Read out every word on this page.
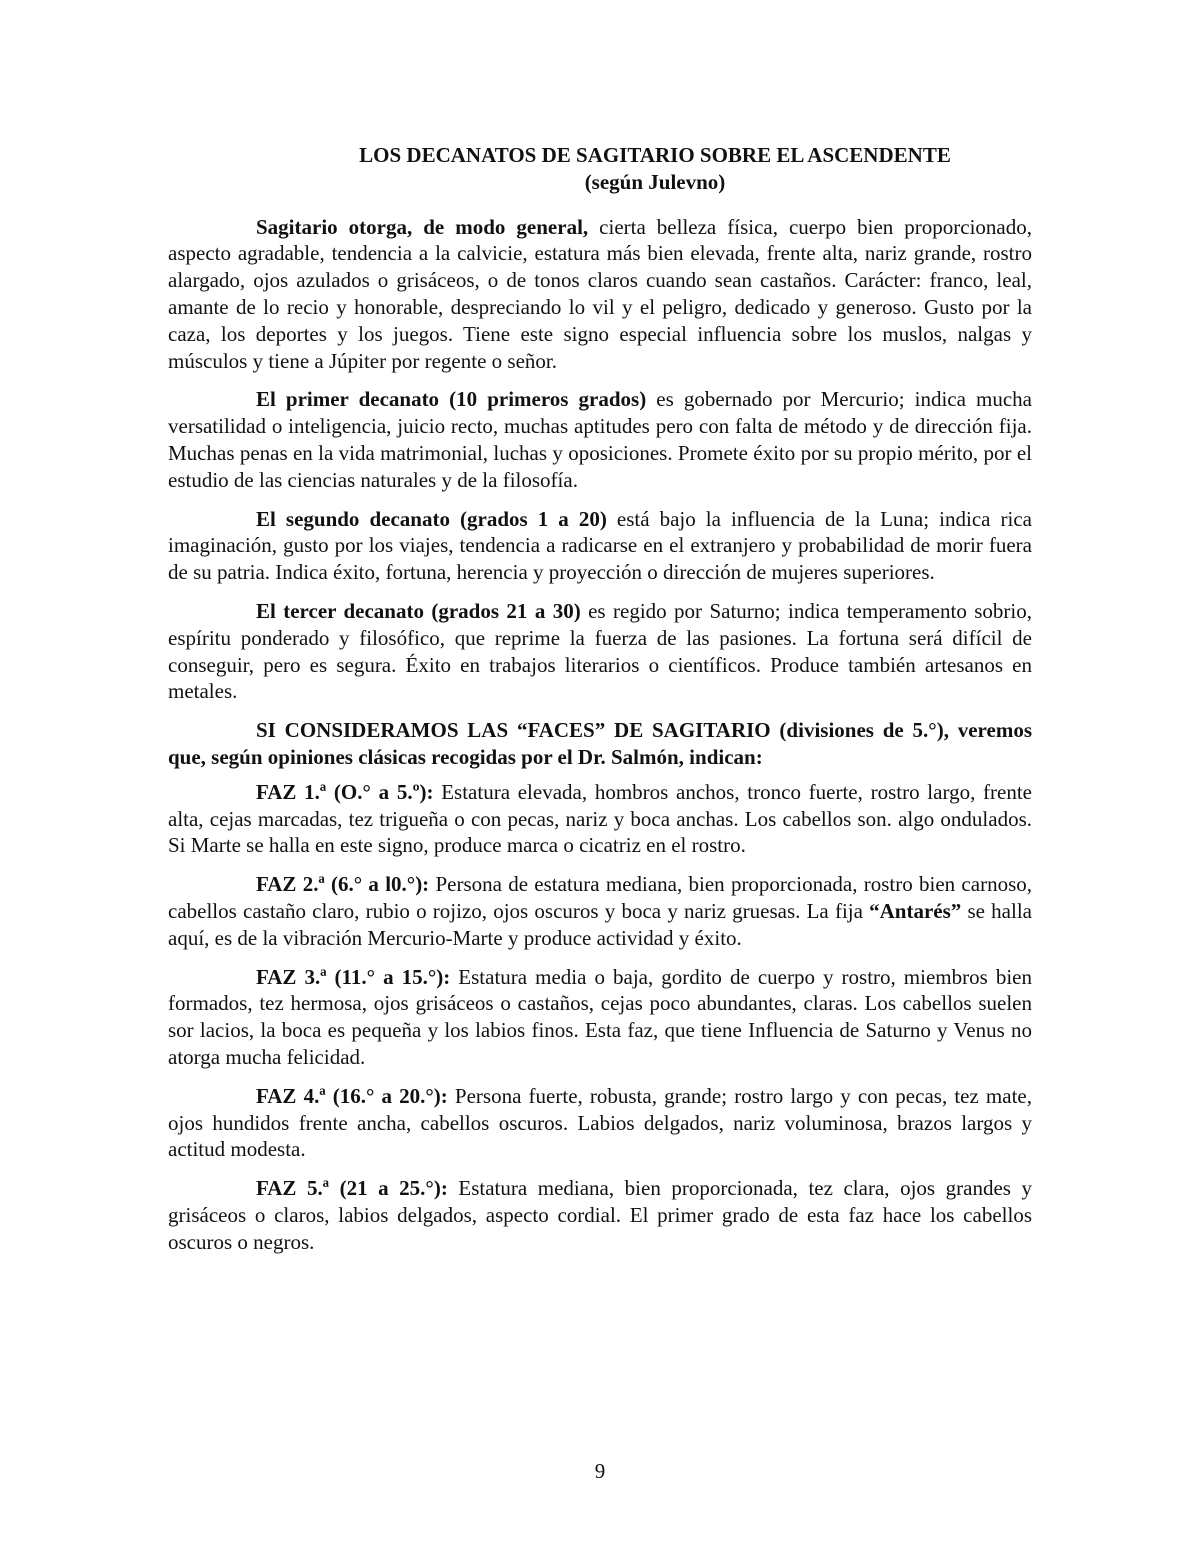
LOS DECANATOS DE SAGITARIO SOBRE EL ASCENDENTE
(según Julevno)

Sagitario otorga, de modo general, cierta belleza física, cuerpo bien proporcionado, aspecto agradable, tendencia a la calvicie, estatura más bien elevada, frente alta, nariz grande, rostro alargado, ojos azulados o grisáceos, o de tonos claros cuando sean castaños. Carácter: franco, leal, amante de lo recio y honorable, despreciando lo vil y el peligro, dedicado y generoso. Gusto por la caza, los deportes y los juegos. Tiene este signo especial influencia sobre los muslos, nalgas y músculos y tiene a Júpiter por regente o señor.

El primer decanato (10 primeros grados) es gobernado por Mercurio; indica mucha versatilidad o inteligencia, juicio recto, muchas aptitudes pero con falta de método y de dirección fija. Muchas penas en la vida matrimonial, luchas y oposiciones. Promete éxito por su propio mérito, por el estudio de las ciencias naturales y de la filosofía.

El segundo decanato (grados 1 a 20) está bajo la influencia de la Luna; indica rica imaginación, gusto por los viajes, tendencia a radicarse en el extranjero y probabilidad de morir fuera de su patria. Indica éxito, fortuna, herencia y proyección o dirección de mujeres superiores.

El tercer decanato (grados 21 a 30) es regido por Saturno; indica temperamento sobrio, espíritu ponderado y filosófico, que reprime la fuerza de las pasiones. La fortuna será difícil de conseguir, pero es segura. Éxito en trabajos literarios o científicos. Produce también artesanos en metales.

SI CONSIDERAMOS LAS “FACES” DE SAGITARIO (divisiones de 5.°), veremos que, según opiniones clásicas recogidas por el Dr. Salmón, indican:

FAZ 1.ª (O.° a 5.º): Estatura elevada, hombros anchos, tronco fuerte, rostro largo, frente alta, cejas marcadas, tez trigueña o con pecas, nariz y boca anchas. Los cabellos son. algo ondulados. Si Marte se halla en este signo, produce marca o cicatriz en el rostro.

FAZ 2.ª (6.° a l0.°): Persona de estatura mediana, bien proporcionada, rostro bien carnoso, cabellos castaño claro, rubio o rojizo, ojos oscuros y boca y nariz gruesas. La fija “Antarés” se halla aquí, es de la vibración Mercurio-Marte y produce actividad y éxito.

FAZ 3.ª (11.° a 15.°): Estatura media o baja, gordito de cuerpo y rostro, miembros bien formados, tez hermosa, ojos grisáceos o castaños, cejas poco abundantes, claras. Los cabellos suelen sor lacios, la boca es pequeña y los labios finos. Esta faz, que tiene Influencia de Saturno y Venus no atorga mucha felicidad.

FAZ 4.ª (16.° a 20.°): Persona fuerte, robusta, grande; rostro largo y con pecas, tez mate, ojos hundidos frente ancha, cabellos oscuros. Labios delgados, nariz voluminosa, brazos largos y actitud modesta.

FAZ 5.ª (21 a 25.°): Estatura mediana, bien proporcionada, tez clara, ojos grandes y grisáceos o claros, labios delgados, aspecto cordial. El primer grado de esta faz hace los cabellos oscuros o negros.

9
